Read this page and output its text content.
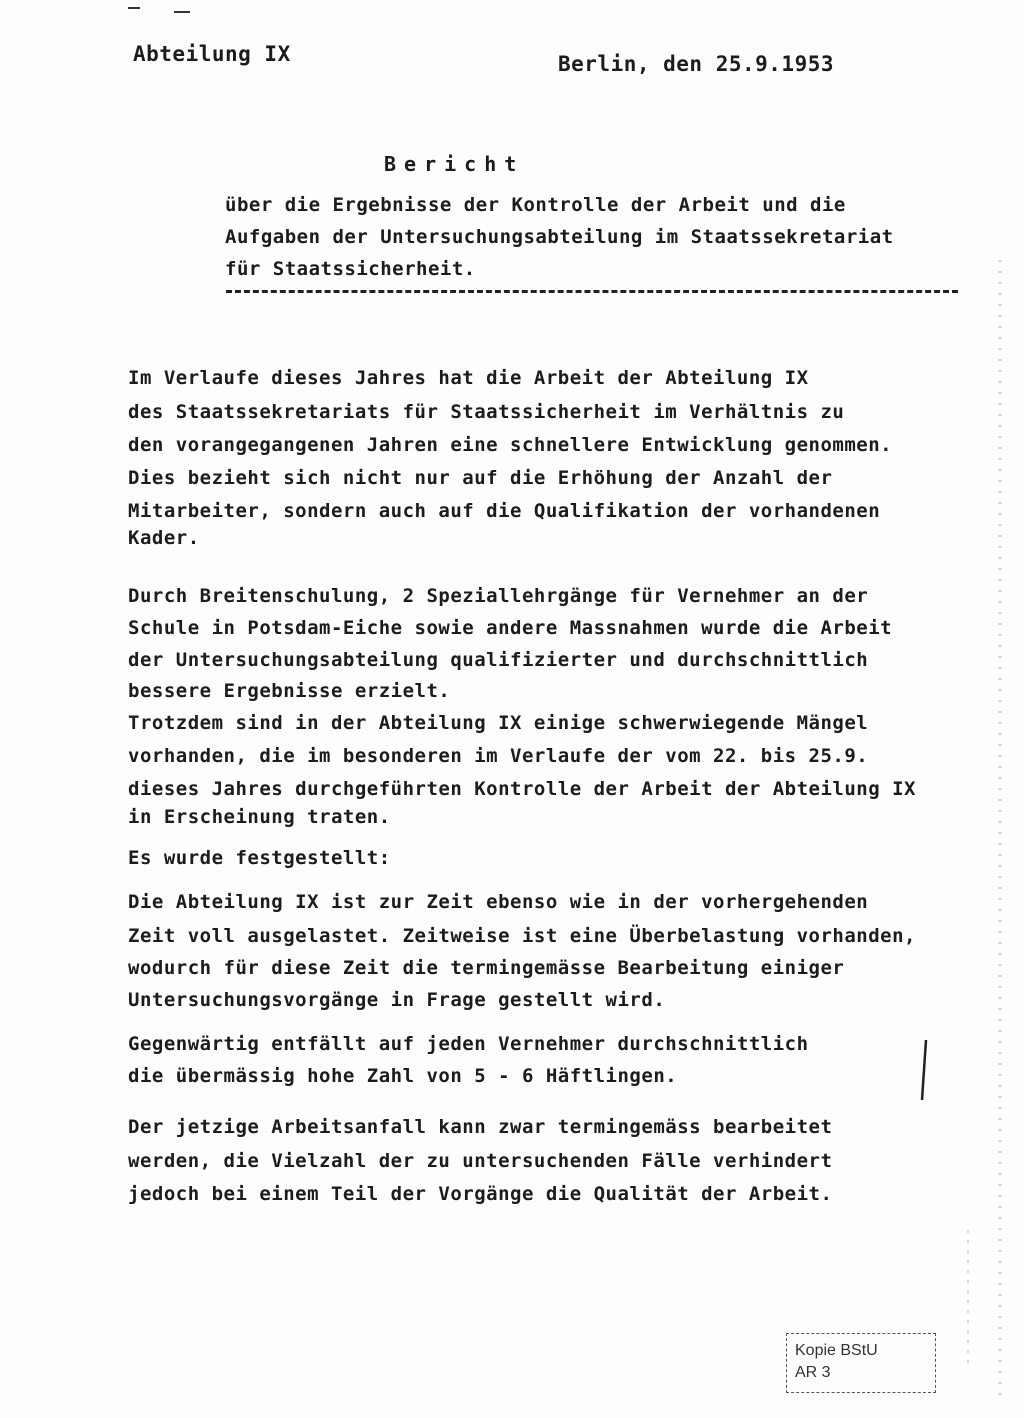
Abteilung IX	Berlin, den 25.9.1953
Bericht
über die Ergebnisse der Kontrolle der Arbeit und die
Aufgaben der Untersuchungsabteilung im Staatssekretariat
für Staatssicherheit.
Im Verlaufe dieses Jahres hat die Arbeit der Abteilung IX
des Staatssekretariats für Staatssicherheit im Verhältnis zu
den vorangegangenen Jahren eine schnellere Entwicklung genommen.
Dies bezieht sich nicht nur auf die Erhöhung der Anzahl der
Mitarbeiter, sondern auch auf die Qualifikation der vorhandenen
Kader.
Durch Breitenschulung, 2 Speziallehrgänge für Vernehmer an der
Schule in Potsdam-Eiche sowie andere Massnahmen wurde die Arbeit
der Untersuchungsabteilung qualifizierter und durchschnittlich
bessere Ergebnisse erzielt.
Trotzdem sind in der Abteilung IX einige schwerwiegende Mängel
vorhanden, die im besonderen im Verlaufe der vom 22. bis 25.9.
dieses Jahres durchgeführten Kontrolle der Arbeit der Abteilung IX
in Erscheinung traten.
Es wurde festgestellt:
Die Abteilung IX ist zur Zeit ebenso wie in der vorhergehenden
Zeit voll ausgelastet. Zeitweise ist eine Überbelastung vorhanden,
wodurch für diese Zeit die termingemässe Bearbeitung einiger
Untersuchungsvorgänge in Frage gestellt wird.
Gegenwärtig entfällt auf jeden Vernehmer durchschnittlich
die übermässig hohe Zahl von 5 - 6 Häftlingen.
Der jetzige Arbeitsanfall kann zwar termingemäss bearbeitet
werden, die Vielzahl der zu untersuchenden Fälle verhindert
jedoch bei einem Teil der Vorgänge die Qualität der Arbeit.
Kopie BStU
AR 3
